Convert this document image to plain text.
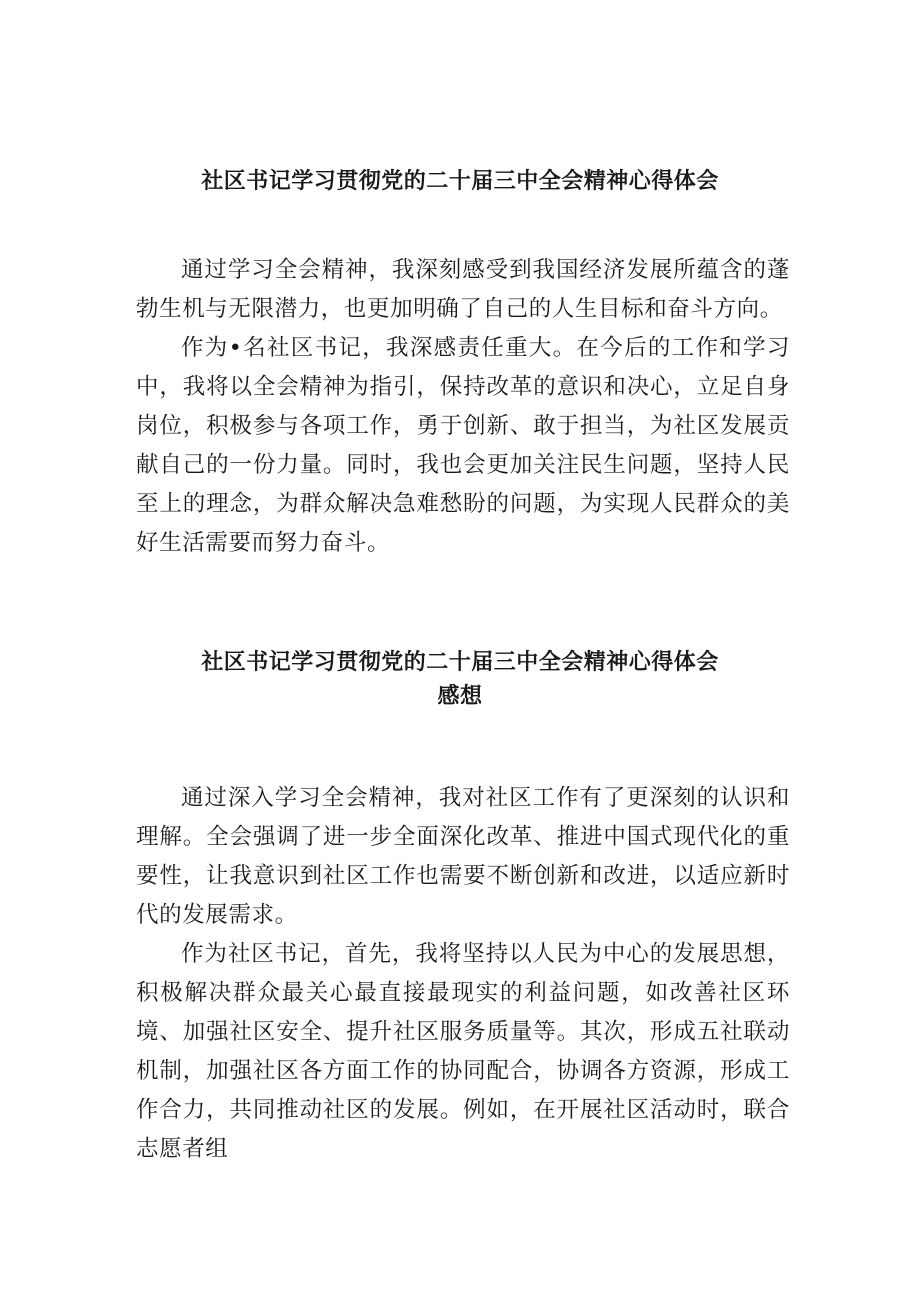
社区书记学习贯彻党的二十届三中全会精神心得体会

通过学习全会精神，我深刻感受到我国经济发展所蕴含的蓬勃生机与无限潜力，也更加明确了自己的人生目标和奋斗方向。

作为•名社区书记，我深感责任重大。在今后的工作和学习中，我将以全会精神为指引，保持改革的意识和决心，立足自身岗位，积极参与各项工作，勇于创新、敢于担当，为社区发展贡献自己的一份力量。同时，我也会更加关注民生问题，坚持人民至上的理念，为群众解决急难愁盼的问题，为实现人民群众的美好生活需要而努力奋斗。

社区书记学习贯彻党的二十届三中全会精神心得体会
感想

通过深入学习全会精神，我对社区工作有了更深刻的认识和理解。全会强调了进一步全面深化改革、推进中国式现代化的重要性，让我意识到社区工作也需要不断创新和改进，以适应新时代的发展需求。

作为社区书记，首先，我将坚持以人民为中心的发展思想，积极解决群众最关心最直接最现实的利益问题，如改善社区环境、加强社区安全、提升社区服务质量等。其次，形成五社联动机制，加强社区各方面工作的协同配合，协调各方资源，形成工作合力，共同推动社区的发展。例如，在开展社区活动时，联合志愿者组
